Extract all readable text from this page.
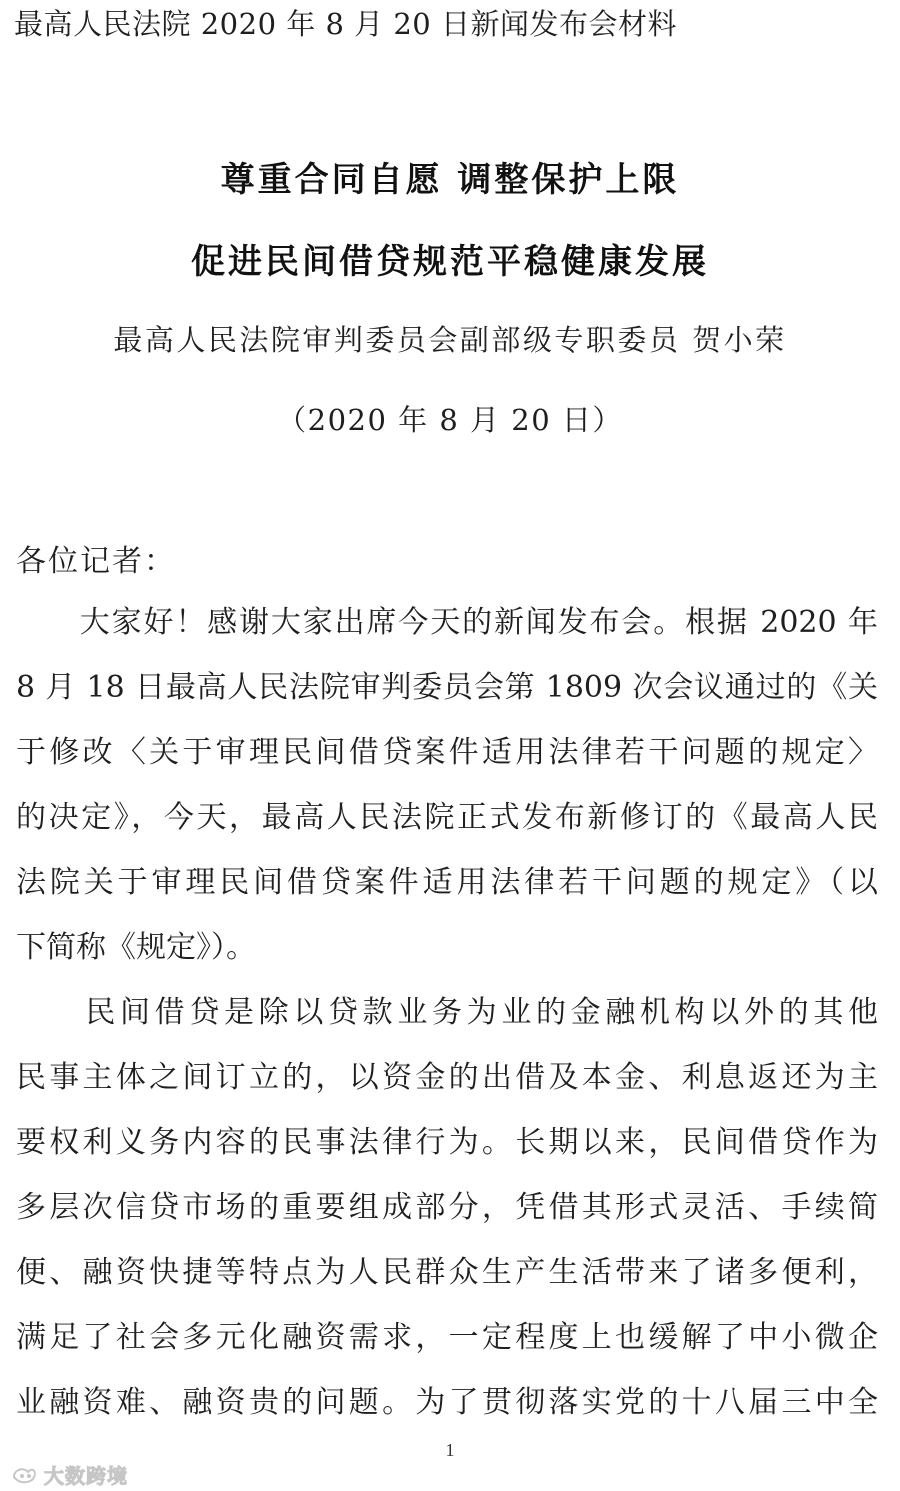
最高人民法院 2020 年 8 月 20 日新闻发布会材料
尊重合同自愿 调整保护上限
促进民间借贷规范平稳健康发展
最高人民法院审判委员会副部级专职委员 贺小荣
（2020 年 8 月 20 日）
各位记者：
　　大家好！感谢大家出席今天的新闻发布会。根据 2020 年
8 月 18 日最高人民法院审判委员会第 1809 次会议通过的《关
于修改〈关于审理民间借贷案件适用法律若干问题的规定〉
的决定》，今天，最高人民法院正式发布新修订的《最高人民
法院关于审理民间借贷案件适用法律若干问题的规定》（以
下简称《规定》）。
　　民间借贷是除以贷款业务为业的金融机构以外的其他
民事主体之间订立的，以资金的出借及本金、利息返还为主
要权利义务内容的民事法律行为。长期以来，民间借贷作为
多层次信贷市场的重要组成部分，凭借其形式灵活、手续简
便、融资快捷等特点为人民群众生产生活带来了诸多便利，
满足了社会多元化融资需求，一定程度上也缓解了中小微企
业融资难、融资贵的问题。为了贯彻落实党的十八届三中全
1
大数跨境
